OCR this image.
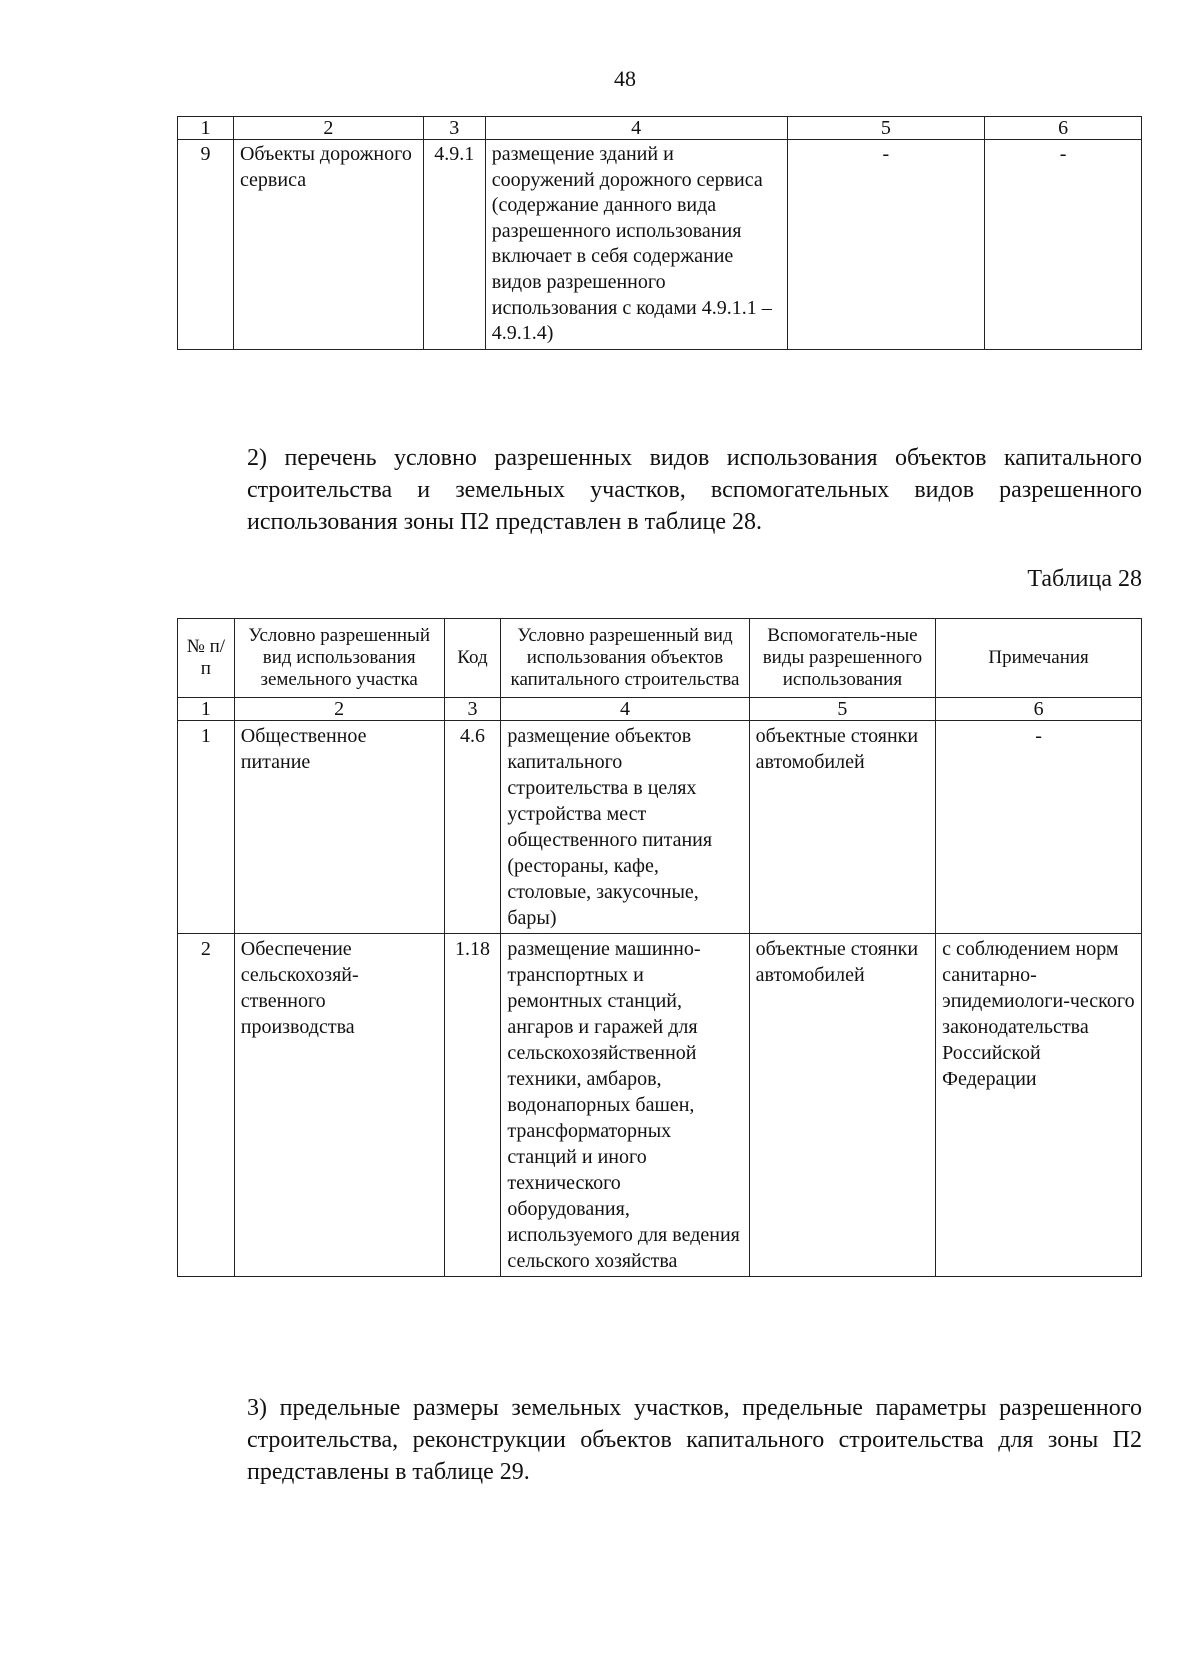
48
1	2	3	4	5	6
9	Объекты дорожного сервиса	4.9.1	размещение зданий и сооружений дорожного сервиса (содержание данного вида разрешенного использования включает в себя содержание видов разрешенного использования с кодами 4.9.1.1 – 4.9.1.4)	-	-
2) перечень условно разрешенных видов использования объектов капитального строительства и земельных участков, вспомогательных видов разрешенного использования зоны П2 представлен в таблице 28.
Таблица 28
№ п/п	Условно разрешенный вид использования земельного участка	Код	Условно разрешенный вид использования объектов капитального строительства	Вспомогатель-ные виды разрешенного использования	Примечания
1	2	3	4	5	6
1	Общественное питание	4.6	размещение объектов капитального строительства в целях устройства мест общественного питания (рестораны, кафе, столовые, закусочные, бары)	объектные стоянки автомобилей	-
2	Обеспечение сельскохозяй-ственного производства	1.18	размещение машинно-транспортных и ремонтных станций, ангаров и гаражей для сельскохозяйственной техники, амбаров, водонапорных башен, трансформаторных станций и иного технического оборудования, используемого для ведения сельского хозяйства	объектные стоянки автомобилей	с соблюдением норм санитарно-эпидемиологи-ческого законодательства Российской Федерации
3) предельные размеры земельных участков, предельные параметры разрешенного строительства, реконструкции объектов капитального строительства для зоны П2 представлены в таблице 29.
